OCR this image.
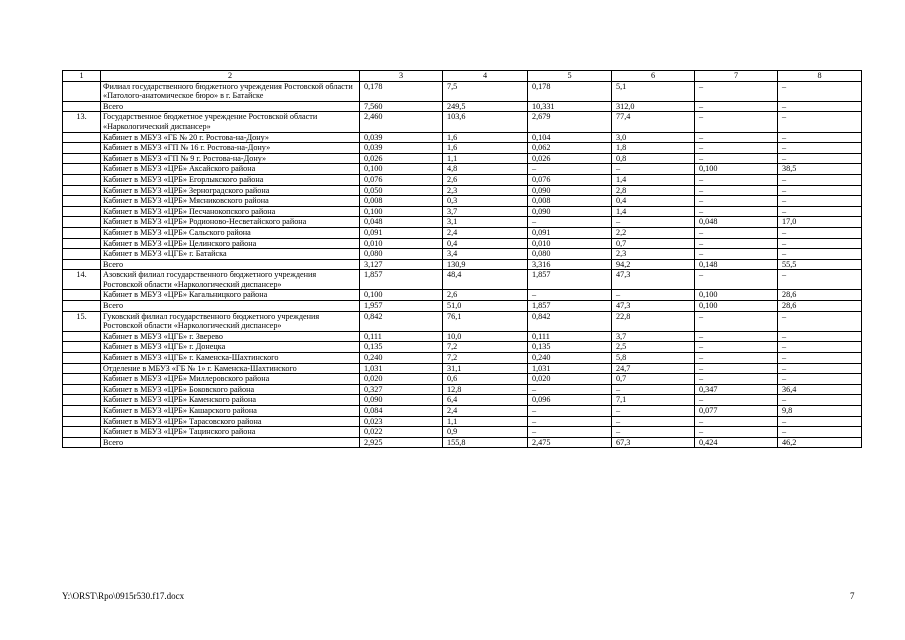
1	2	3	4	5	6	7	8
	Филиал государственного бюджетного учреждения Ростовской области «Патолого-анатомическое бюро» в г. Батайске	0,178	7,5	0,178	5,1	–	–
	Всего	7,560	249,5	10,331	312,0	–	–
13.	Государственное бюджетное учреждение Ростовской области «Наркологический диспансер»	2,460	103,6	2,679	77,4	–	–
	Кабинет в МБУЗ «ГБ № 20 г. Ростова-на-Дону»	0,039	1,6	0,104	3,0	–	–
	Кабинет в МБУЗ «ГП № 16 г. Ростова-на-Дону»	0,039	1,6	0,062	1,8	–	–
	Кабинет в МБУЗ «ГП № 9 г. Ростова-на-Дону»	0,026	1,1	0,026	0,8	–	–
	Кабинет в МБУЗ «ЦРБ» Аксайского района	0,100	4,8	–	–	0,100	38,5
	Кабинет в МБУЗ «ЦРБ» Егорлыкского района	0,076	2,6	0,076	1,4	–	–
	Кабинет в МБУЗ «ЦРБ» Зерноградского района	0,050	2,3	0,090	2,8	–	–
	Кабинет в МБУЗ «ЦРБ» Мясниковского района	0,008	0,3	0,008	0,4	–	–
	Кабинет в МБУЗ «ЦРБ» Песчанокопского района	0,100	3,7	0,090	1,4	–	–
	Кабинет в МБУЗ «ЦРБ» Родионово-Несветайского района	0,048	3,1	–	–	0,048	17,0
	Кабинет в МБУЗ «ЦРБ» Сальского района	0,091	2,4	0,091	2,2	–	–
	Кабинет в МБУЗ «ЦРБ» Целинского района	0,010	0,4	0,010	0,7	–	–
	Кабинет в МБУЗ «ЦГБ» г. Батайска	0,080	3,4	0,080	2,3	–	–
	Всего	3,127	130,9	3,316	94,2	0,148	55,5
14.	Азовский филиал государственного бюджетного учреждения Ростовской области «Наркологический диспансер»	1,857	48,4	1,857	47,3	–	–
	Кабинет в МБУЗ «ЦРБ» Кагальницкого района	0,100	2,6	–	–	0,100	28,6
	Всего	1,957	51,0	1,857	47,3	0,100	28,6
15.	Гуковский филиал государственного бюджетного учреждения Ростовской области «Наркологический диспансер»	0,842	76,1	0,842	22,8	–	–
	Кабинет в МБУЗ «ЦГБ» г. Зверево	0,111	10,0	0,111	3,7	–	–
	Кабинет в МБУЗ «ЦГБ» г. Донецка	0,135	7,2	0,135	2,5	–	–
	Кабинет в МБУЗ «ЦГБ» г. Каменска-Шахтинского	0,240	7,2	0,240	5,8	–	–
	Отделение в МБУЗ «ГБ № 1» г. Каменска-Шахтинского	1,031	31,1	1,031	24,7	–	–
	Кабинет в МБУЗ «ЦРБ» Миллеровского района	0,020	0,6	0,020	0,7	–	–
	Кабинет в МБУЗ «ЦРБ» Боковского района	0,327	12,8	–	–	0,347	36,4
	Кабинет в МБУЗ «ЦРБ» Каменского района	0,090	6,4	0,096	7,1	–	–
	Кабинет в МБУЗ «ЦРБ» Кашарского района	0,084	2,4	–	–	0,077	9,8
	Кабинет в МБУЗ «ЦРБ» Тарасовского района	0,023	1,1	–	–	–	–
	Кабинет в МБУЗ «ЦРБ» Тацинского района	0,022	0,9	–	–	–	–
	Всего	2,925	155,8	2,475	67,3	0,424	46,2
Y:\ORST\Rpo\0915r530.f17.docx	7
